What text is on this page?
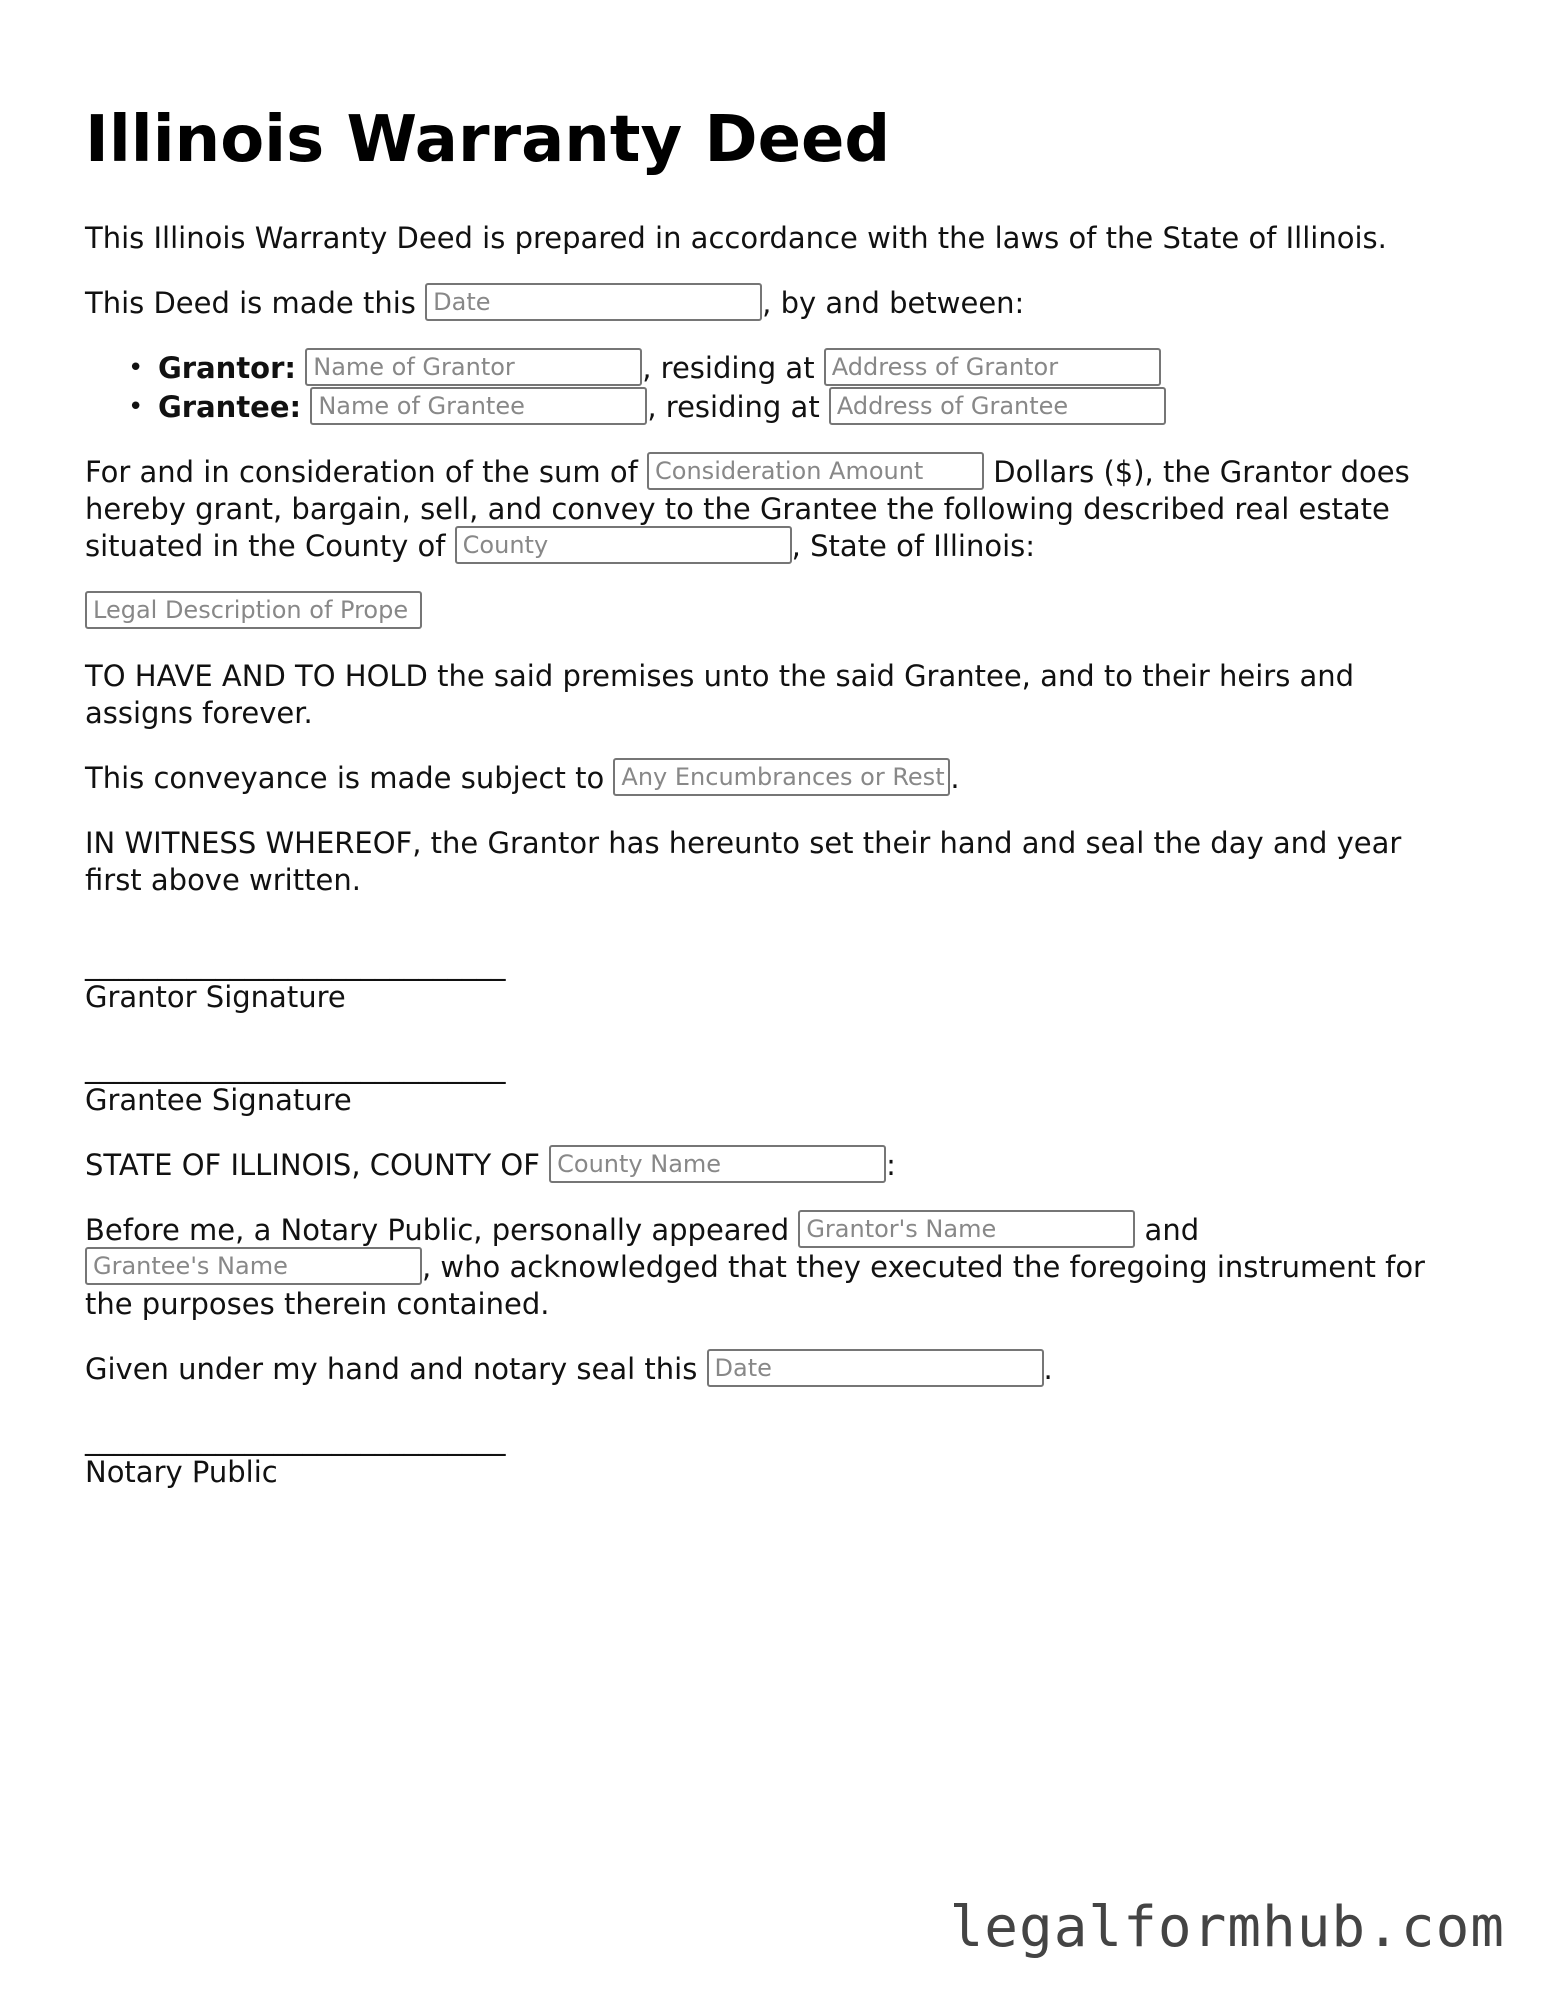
Illinois Warranty Deed

This Illinois Warranty Deed is prepared in accordance with the laws of the State of Illinois.

This Deed is made this Date	, by and between:

• Grantor: Name of Grantor	, residing at Address of Grantor
• Grantee: Name of Grantee	, residing at Address of Grantee

For and in consideration of the sum of Consideration Amount Dollars ($), the Grantor does hereby grant, bargain, sell, and convey to the Grantee the following described real estate situated in the County of County	, State of Illinois:

Legal Description of Prope

TO HAVE AND TO HOLD the said premises unto the said Grantee, and to their heirs and assigns forever.

This conveyance is made subject to Any Encumbrances or Rest .

IN WITNESS WHEREOF, the Grantor has hereunto set their hand and seal the day and year first above written.

_____________________________
Grantor Signature
_____________________________
Grantee Signature

STATE OF ILLINOIS, COUNTY OF County Name	:

Before me, a Notary Public, personally appeared Grantor's Name	and Grantee's Name	, who acknowledged that they executed the foregoing instrument for the purposes therein contained.

Given under my hand and notary seal this Date	.

_____________________________
Notary Public
legalformhub.com
